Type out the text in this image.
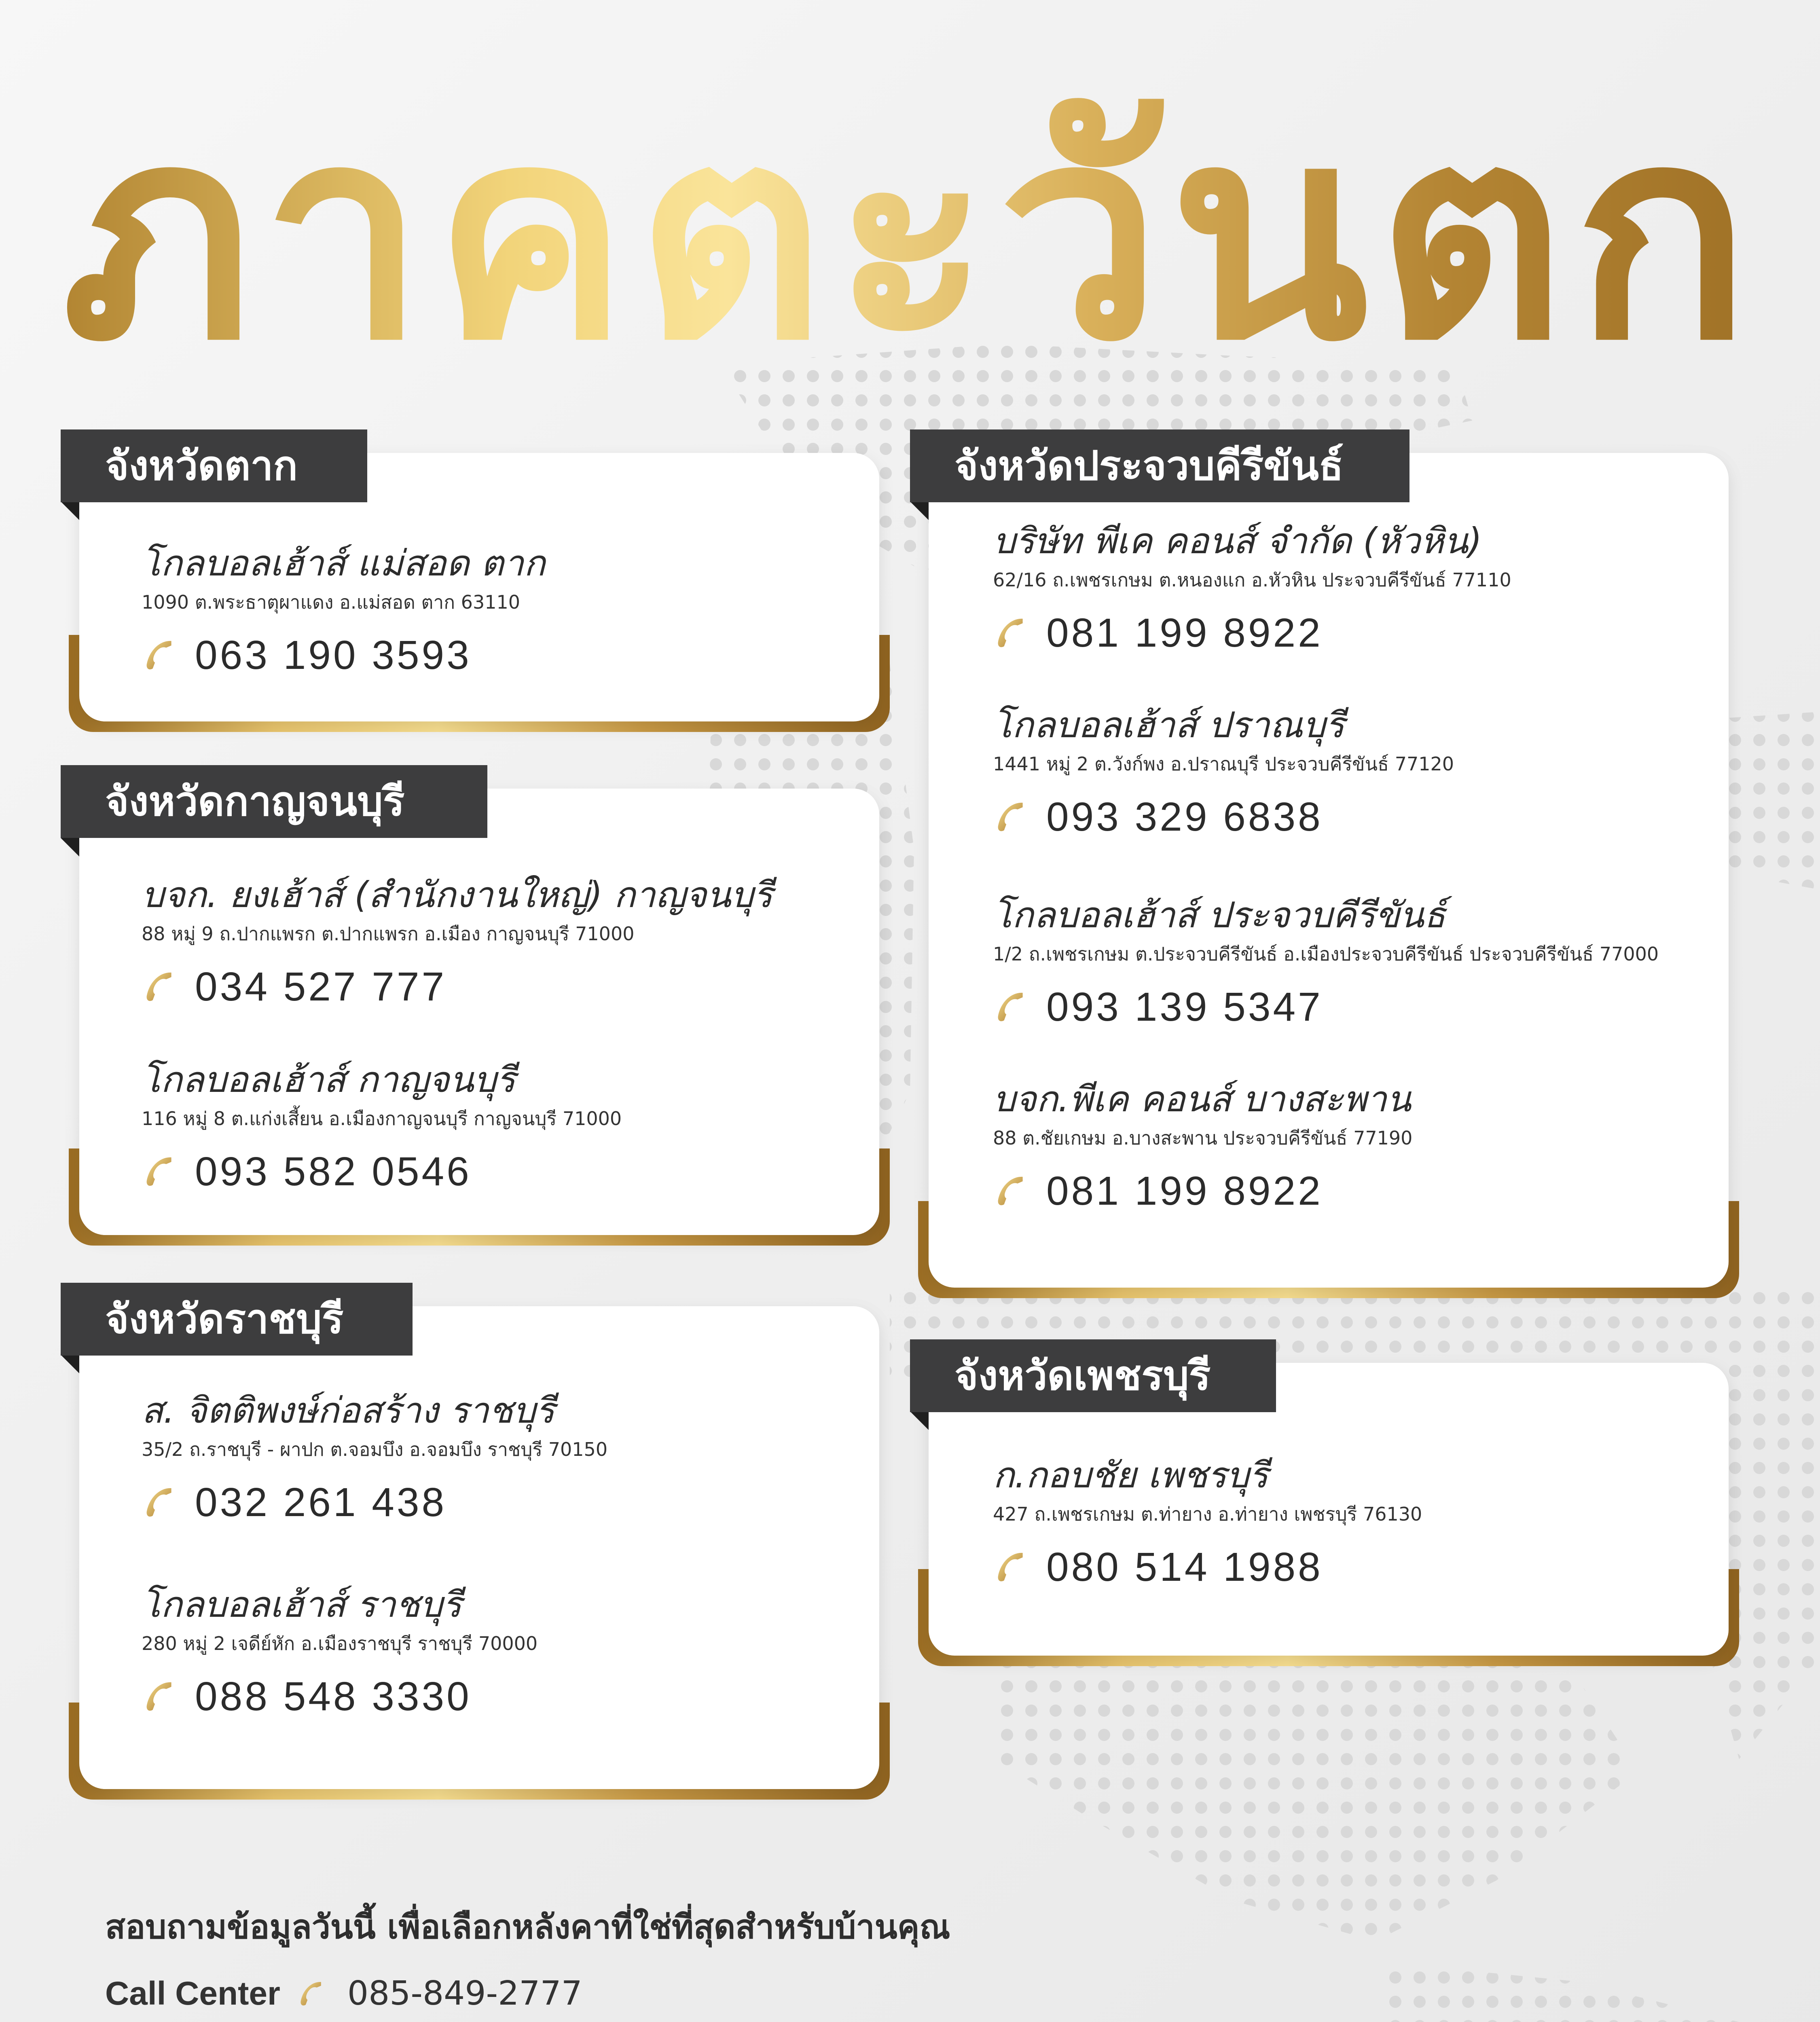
ภาคตะวันตก
จังหวัดตาก
โกลบอลเฮ้าส์ แม่สอด ตาก
1090 ต.พระธาตุผาแดง อ.แม่สอด ตาก 63110
063 190 3593
จังหวัดกาญจนบุรี
บจก. ยงเฮ้าส์ (สำนักงานใหญ่) กาญจนบุรี
88 หมู่ 9 ถ.ปากแพรก ต.ปากแพรก อ.เมือง กาญจนบุรี 71000
034 527 777
โกลบอลเฮ้าส์ กาญจนบุรี
116 หมู่ 8 ต.แก่งเสี้ยน อ.เมืองกาญจนบุรี กาญจนบุรี 71000
093 582 0546
จังหวัดราชบุรี
ส. จิตติพงษ์ก่อสร้าง ราชบุรี
35/2 ถ.ราชบุรี - ผาปก ต.จอมบึง อ.จอมบึง ราชบุรี 70150
032 261 438
โกลบอลเฮ้าส์ ราชบุรี
280 หมู่ 2 เจดีย์หัก อ.เมืองราชบุรี ราชบุรี 70000
088 548 3330
จังหวัดประจวบคีรีขันธ์
บริษัท พีเค คอนส์ จำกัด (หัวหิน)
62/16 ถ.เพชรเกษม ต.หนองแก อ.หัวหิน ประจวบคีรีขันธ์ 77110
081 199 8922
โกลบอลเฮ้าส์ ปราณบุรี
1441 หมู่ 2 ต.วังก์พง อ.ปราณบุรี ประจวบคีรีขันธ์ 77120
093 329 6838
โกลบอลเฮ้าส์ ประจวบคีรีขันธ์
1/2 ถ.เพชรเกษม ต.ประจวบคีรีขันธ์ อ.เมืองประจวบคีรีขันธ์ ประจวบคีรีขันธ์ 77000
093 139 5347
บจก.พีเค คอนส์ บางสะพาน
88 ต.ชัยเกษม อ.บางสะพาน ประจวบคีรีขันธ์ 77190
081 199 8922
จังหวัดเพชรบุรี
ก.กอบชัย เพชรบุรี
427 ถ.เพชรเกษม ต.ท่ายาง อ.ท่ายาง เพชรบุรี 76130
080 514 1988
สอบถามข้อมูลวันนี้ เพื่อเลือกหลังคาที่ใช่ที่สุดสำหรับบ้านคุณ
Call Center 085-849-2777
